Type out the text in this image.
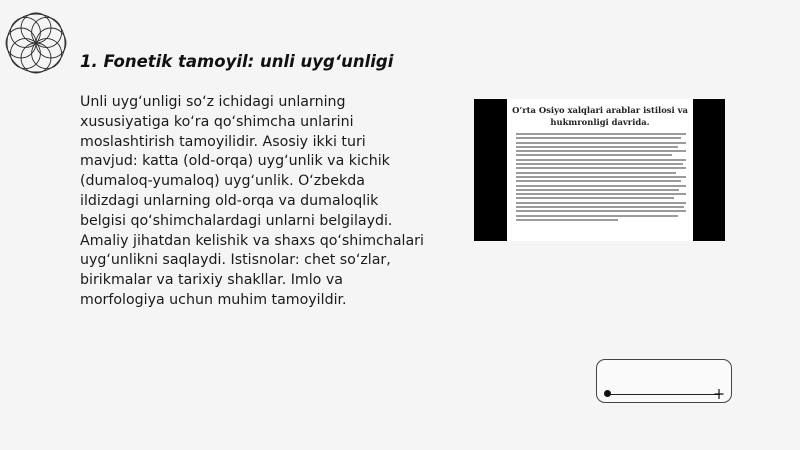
1. Fonetik tamoyil: unli uyg‘unligi

Unli uyg‘unligi so‘z ichidagi unlarning xususiyatiga ko‘ra qo‘shimcha unlarini moslashtirish tamoyilidir. Asosiy ikki turi mavjud: katta (old-orqa) uyg‘unlik va kichik (dumaloq-yumaloq) uyg‘unlik. O‘zbekda ildizdagi unlarning old-orqa va dumaloqlik belgisi qo‘shimchalardagi unlarni belgilaydi. Amaliy jihatdan kelishik va shaxs qo‘shimchalari uyg‘unlikni saqlaydi. Istisnolar: chet so‘zlar, birikmalar va tarixiy shakllar. Imlo va morfologiya uchun muhim tamoyildir.

O‘rta Osiyo xalqlari arablar istilosi va hukmronligi davrida.
